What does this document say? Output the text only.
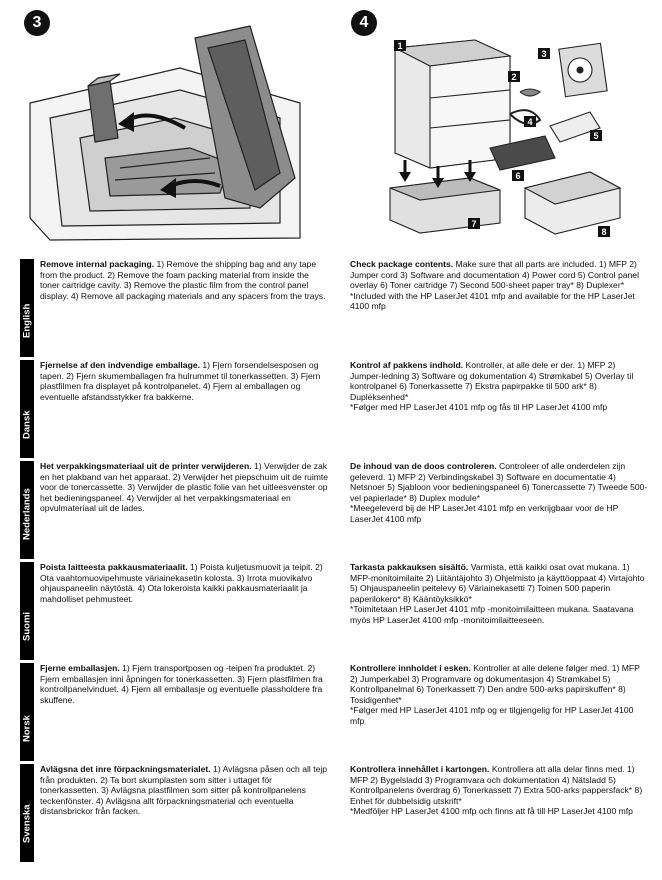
3	4
1
2
3
4
5
6
7
8
English

Remove internal packaging. 1) Remove the shipping bag and any tape from the product. 2) Remove the foam packing material from inside the toner cartridge cavity. 3) Remove the plastic film from the control panel display. 4) Remove all packaging materials and any spacers from the trays.

Check package contents. Make sure that all parts are included. 1) MFP 2) Jumper cord 3) Software and documentation 4) Power cord 5) Control panel overlay 6) Toner cartridge 7) Second 500-sheet paper tray* 8) Duplexer*

*Included with the HP LaserJet 4101 mfp and available for the HP LaserJet 4100 mfp

Dansk

Fjernelse af den indvendige emballage. 1) Fjern forsendelsesposen og tapen. 2) Fjern skumemballagen fra hulrummet til tonerkassetten. 3) Fjern plastfilmen fra displayet på kontrolpanelet. 4) Fjern al emballagen og eventuelle afstandsstykker fra bakkerne.

Kontrol af pakkens indhold. Kontroller, at alle dele er der. 1) MFP 2) Jumper-ledning 3) Software og dokumentation 4) Strømkabel 5) Overlay til kontrolpanel 6) Tonerkassette 7) Ekstra papirpakke til 500 ark* 8) Dupleksenhed*

*Følger med HP LaserJet 4101 mfp og fås til HP LaserJet 4100 mfp

Nederlands

Het verpakkingsmateriaal uit de printer verwijderen. 1) Verwijder de zak en het plakband van het apparaat. 2) Verwijder het piepschuim uit de ruimte voor de tonercassette. 3) Verwijder de plastic folie van het uitleesvenster op het bedieningspaneel. 4) Verwijder al het verpakkingsmateriaal en opvulmateriaal uit de lades.

De inhoud van de doos controleren. Controleer of alle onderdelen zijn geleverd. 1) MFP 2) Verbindingskabel 3) Software en documentatie 4) Netsnoer 5) Sjabloon voor bedieningspaneel 6) Tonercassette 7) Tweede 500-vel papierlade* 8) Duplex module*

*Meegeleverd bij de HP LaserJet 4101 mfp en verkrijgbaar voor de HP LaserJet 4100 mfp

Suomi

Poista laitteesta pakkausmateriaalit. 1) Poista kuljetusmuovit ja teipit. 2) Ota vaahtomuovipehmuste väriainekasetin kolosta. 3) Irrota muovikalvo ohjauspaneelin näytöstä. 4) Ota lokeroista kaikki pakkausmateriaalit ja mahdolliset pehmusteet.

Tarkasta pakkauksen sisältö. Varmista, että kaikki osat ovat mukana. 1) MFP-monitoimilaite 2) Liitäntäjohto 3) Ohjelmisto ja käyttöoppaat 4) Virtajohto 5) Ohjauspaneelin peitelevy 6) Väriainekasetti 7) Toinen 500 paperin paperilokero* 8) Kääntöyksikkö*

*Toimitetaan HP LaserJet 4101 mfp -monitoimilaitteen mukana. Saatavana myös HP LaserJet 4100 mfp -monitoimilaitteeseen.

Norsk

Fjerne emballasjen. 1) Fjern transportposen og -teipen fra produktet. 2) Fjern emballasjen inni åpningen for tonerkassetten. 3) Fjern plastfilmen fra kontrollpanelvinduet. 4) Fjern all emballasje og eventuelle plassholdere fra skuffene.

Kontrollere innholdet i esken. Kontroller at alle delene følger med. 1) MFP 2) Jumperkabel 3) Programvare og dokumentasjon 4) Strømkabel 5) Kontrollpanelmal 6) Tonerkassett 7) Den andre 500-arks papirskuffen* 8) Tosidigenhet*

*Følger med HP LaserJet 4101 mfp og er tilgjengelig for HP LaserJet 4100 mfp

Svenska

Avlägsna det inre förpackningsmaterialet. 1) Avlägsna påsen och all tejp från produkten. 2) Ta bort skumplasten som sitter i uttaget för tonerkassetten. 3) Avlägsna plastfilmen som sitter på kontrollpanelens teckenfönster. 4) Avlägsna allt förpackningsmaterial och eventuella distansbrickor från facken.

Kontrollera innehållet i kartongen. Kontrollera att alla delar finns med. 1) MFP 2) Bygelsladd 3) Programvara och dokumentation 4) Nätsladd 5) Kontrollpanelens överdrag 6) Tonerkassett 7) Extra 500-arks pappersfack* 8) Enhet för dubbelsidig utskrift*

*Medföljer HP LaserJet 4100 mfp och finns att få till HP LaserJet 4100 mfp
